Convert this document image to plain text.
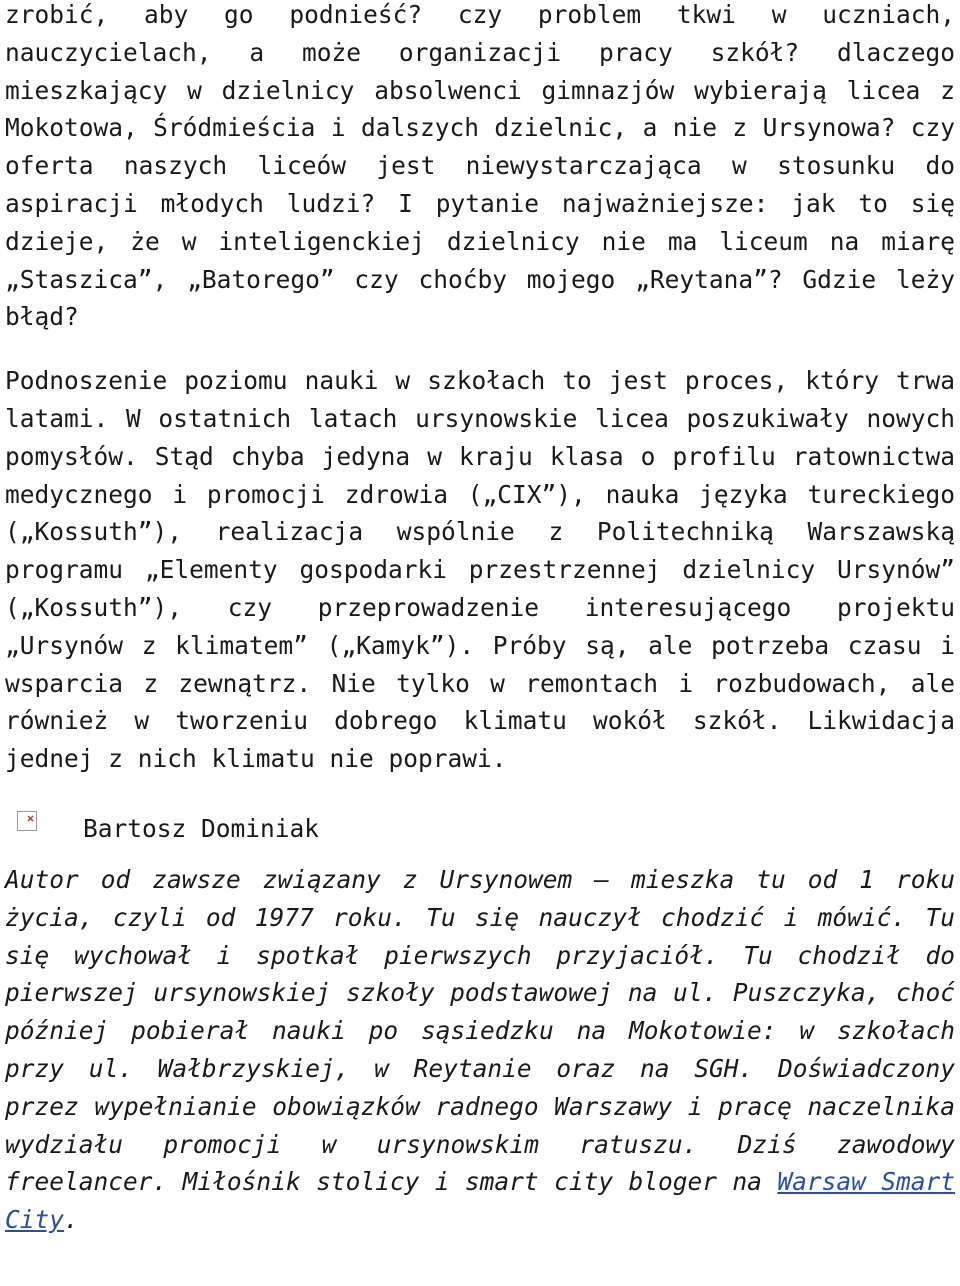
zrobić, aby go podnieść? czy problem tkwi w uczniach, nauczycielach, a może organizacji pracy szkół? dlaczego mieszkający w dzielnicy absolwenci gimnazjów wybierają licea z Mokotowa, Śródmieścia i dalszych dzielnic, a nie z Ursynowa? czy oferta naszych liceów jest niewystarczająca w stosunku do aspiracji młodych ludzi? I pytanie najważniejsze: jak to się dzieje, że w inteligenckiej dzielnicy nie ma liceum na miarę „Staszica”, „Batorego” czy choćby mojego „Reytana”? Gdzie leży błąd?

Podnoszenie poziomu nauki w szkołach to jest proces, który trwa latami. W ostatnich latach ursynowskie licea poszukiwały nowych pomysłów. Stąd chyba jedyna w kraju klasa o profilu ratownictwa medycznego i promocji zdrowia („CIX”), nauka języka tureckiego („Kossuth”), realizacja wspólnie z Politechniką Warszawską programu „Elementy gospodarki przestrzennej dzielnicy Ursynów” („Kossuth”), czy przeprowadzenie interesującego projektu „Ursynów z klimatem” („Kamyk”). Próby są, ale potrzeba czasu i wsparcia z zewnątrz. Nie tylko w remontach i rozbudowach, ale również w tworzeniu dobrego klimatu wokół szkół. Likwidacja jednej z nich klimatu nie poprawi.

Bartosz Dominiak

Autor od zawsze związany z Ursynowem – mieszka tu od 1 roku życia, czyli od 1977 roku. Tu się nauczył chodzić i mówić. Tu się wychował i spotkał pierwszych przyjaciół. Tu chodził do pierwszej ursynowskiej szkoły podstawowej na ul. Puszczyka, choć później pobierał nauki po sąsiedzku na Mokotowie: w szkołach przy ul. Wałbrzyskiej, w Reytanie oraz na SGH. Doświadczony przez wypełnianie obowiązków radnego Warszawy i pracę naczelnika wydziału promocji w ursynowskim ratuszu. Dziś zawodowy freelancer. Miłośnik stolicy i smart city bloger na Warsaw Smart City.
